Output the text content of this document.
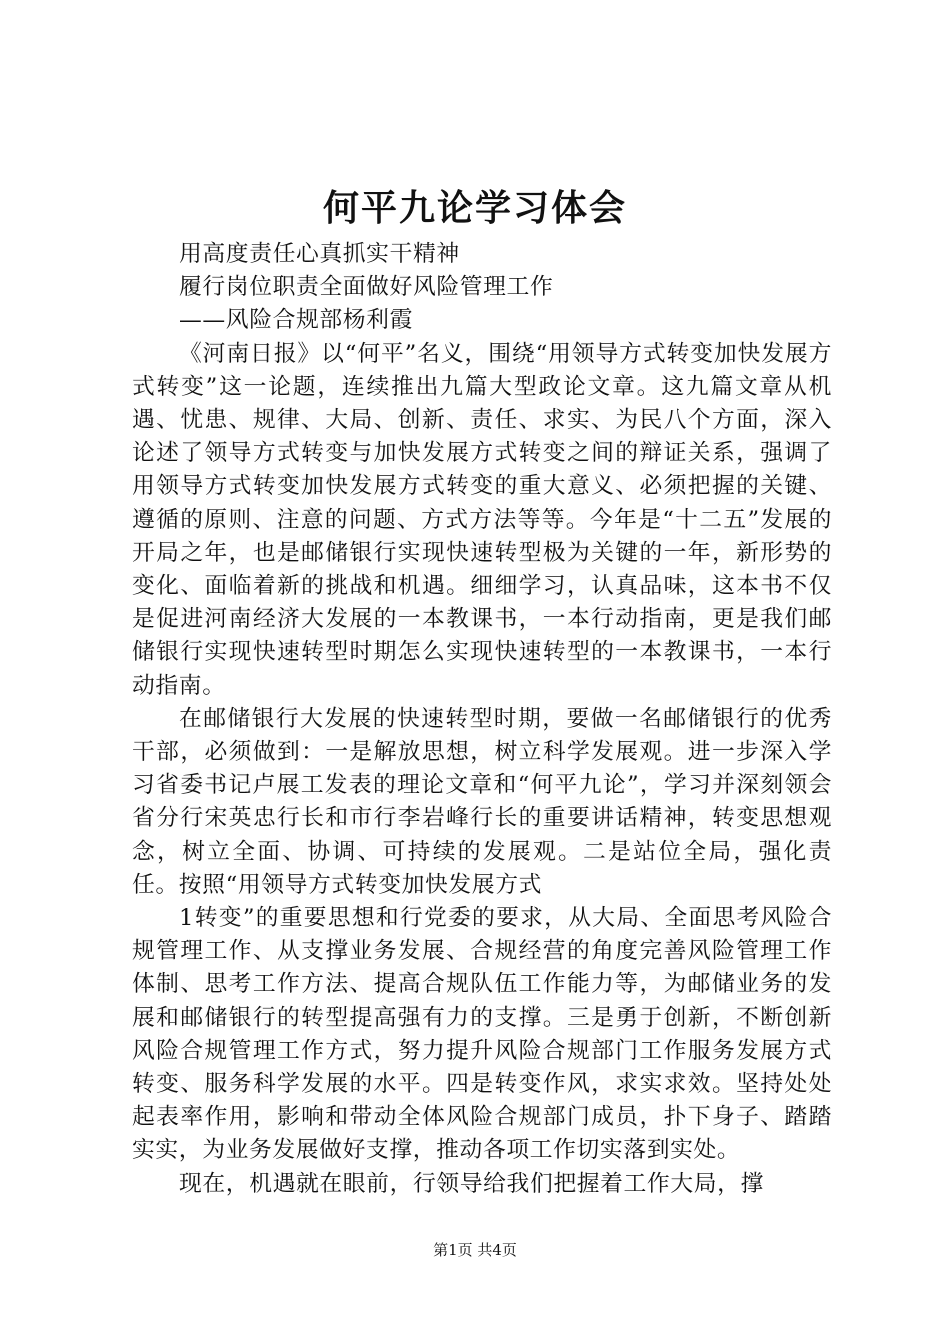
何平九论学习体会

用高度责任心真抓实干精神

履行岗位职责全面做好风险管理工作

——风险合规部杨利霞

《河南日报》以“何平”名义，围绕“用领导方式转变加快发展方式转变”这一论题，连续推出九篇大型政论文章。这九篇文章从机遇、忧患、规律、大局、创新、责任、求实、为民八个方面，深入论述了领导方式转变与加快发展方式转变之间的辩证关系，强调了用领导方式转变加快发展方式转变的重大意义、必须把握的关键、遵循的原则、注意的问题、方式方法等等。今年是“十二五”发展的开局之年，也是邮储银行实现快速转型极为关键的一年，新形势的变化、面临着新的挑战和机遇。细细学习，认真品味，这本书不仅是促进河南经济大发展的一本教课书，一本行动指南，更是我们邮储银行实现快速转型时期怎么实现快速转型的一本教课书，一本行动指南。

在邮储银行大发展的快速转型时期，要做一名邮储银行的优秀干部，必须做到：一是解放思想，树立科学发展观。进一步深入学习省委书记卢展工发表的理论文章和“何平九论”，学习并深刻领会省分行宋英忠行长和市行李岩峰行长的重要讲话精神，转变思想观念，树立全面、协调、可持续的发展观。二是站位全局，强化责任。按照“用领导方式转变加快发展方式

1转变”的重要思想和行党委的要求，从大局、全面思考风险合规管理工作、从支撑业务发展、合规经营的角度完善风险管理工作体制、思考工作方法、提高合规队伍工作能力等，为邮储业务的发展和邮储银行的转型提高强有力的支撑。三是勇于创新，不断创新风险合规管理工作方式，努力提升风险合规部门工作服务发展方式转变、服务科学发展的水平。四是转变作风，求实求效。坚持处处起表率作用，影响和带动全体风险合规部门成员，扑下身子、踏踏实实，为业务发展做好支撑，推动各项工作切实落到实处。

现在，机遇就在眼前，行领导给我们把握着工作大局，撑

第1页 共4页
